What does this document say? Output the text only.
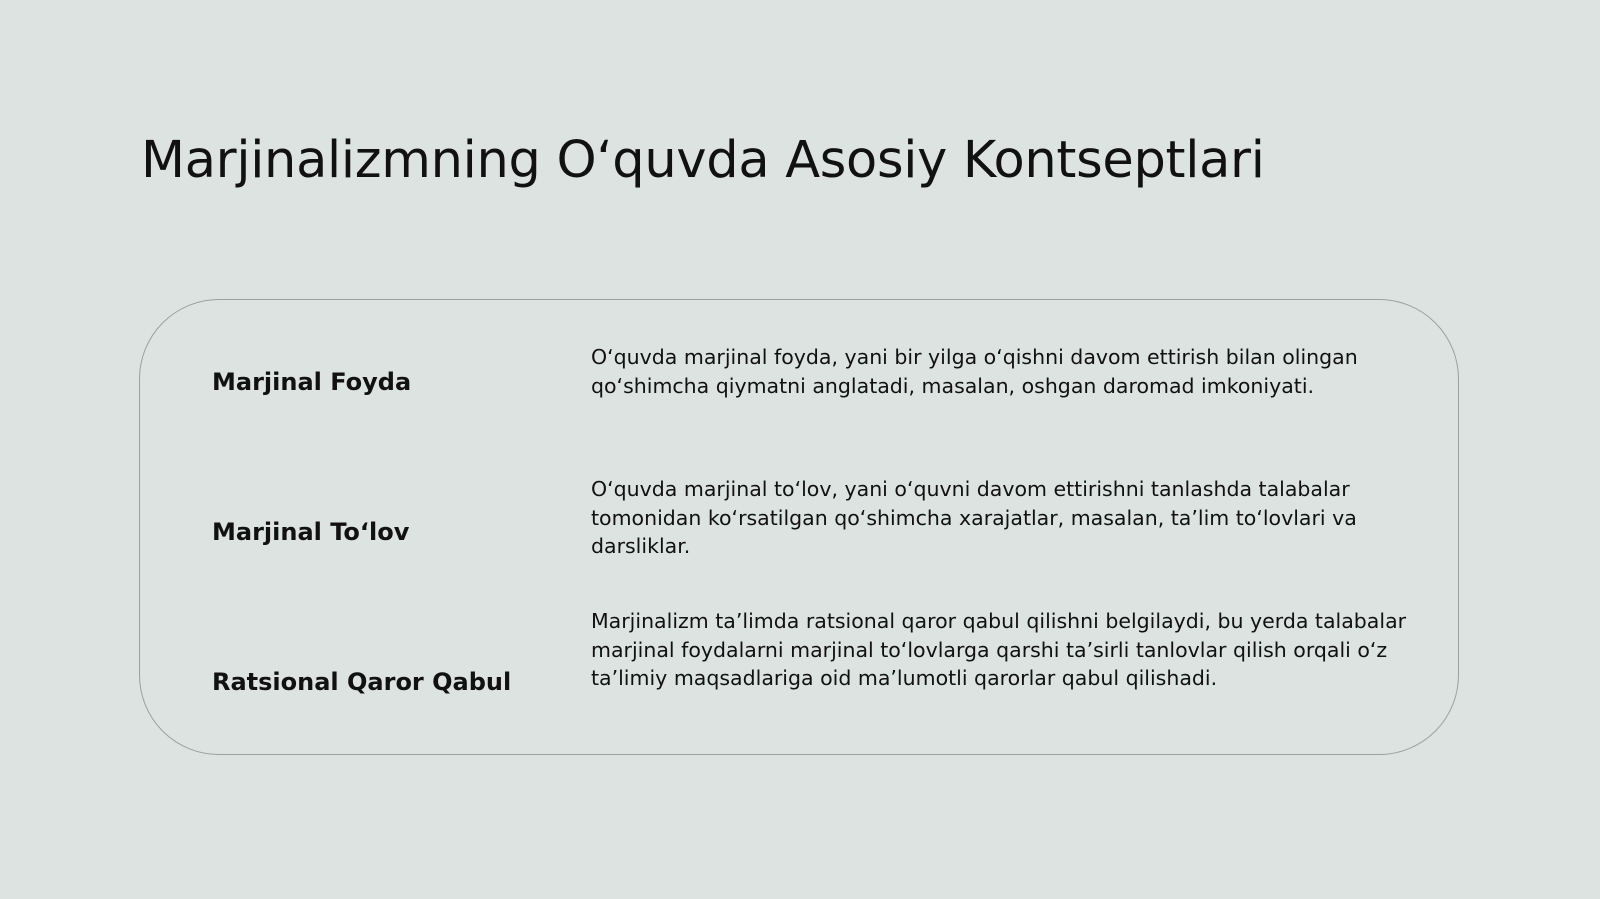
Marjinalizmning O‘quvda Asosiy Kontseptlari

Marjinal Foyda

O‘quvda marjinal foyda, yani bir yilga o‘qishni davom ettirish bilan olingan qo‘shimcha qiymatni anglatadi, masalan, oshgan daromad imkoniyati.

Marjinal To‘lov

O‘quvda marjinal to‘lov, yani o‘quvni davom ettirishni tanlashda talabalar tomonidan ko‘rsatilgan qo‘shimcha xarajatlar, masalan, ta’lim to‘lovlari va darsliklar.

Ratsional Qaror Qabul

Marjinalizm ta’limda ratsional qaror qabul qilishni belgilaydi, bu yerda talabalar marjinal foydalarni marjinal to‘lovlarga qarshi ta’sirli tanlovlar qilish orqali o‘z ta’limiy maqsadlariga oid ma’lumotli qarorlar qabul qilishadi.
